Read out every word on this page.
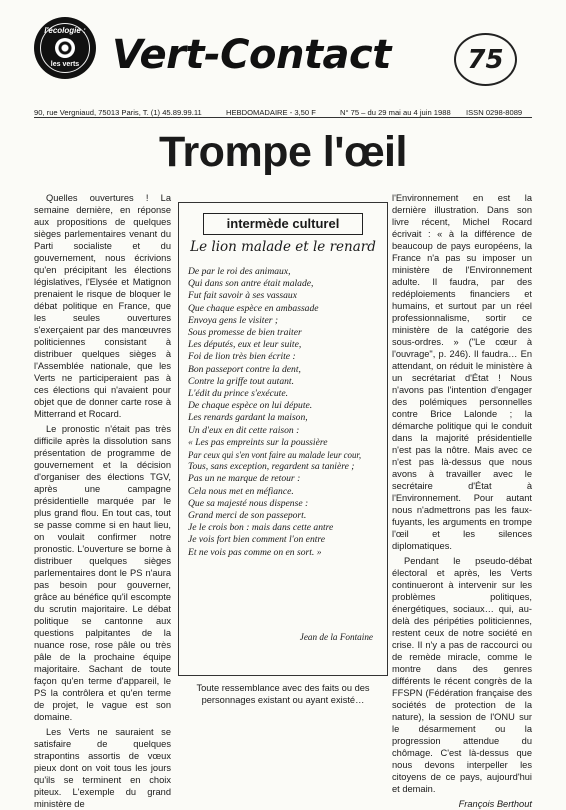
l'écologie :
les verts Vert-Contact	75
90, rue Vergniaud, 75013 Paris, T. (1) 45.89.99.11	HEBDOMADAIRE - 3,50 F	N° 75 – du 29 mai au 4 juin 1988 ISSN 0298-8089
Trompe l'œil

Quelles ouvertures ! La semaine dernière, en réponse aux propositions de quelques sièges parlementaires venant du Parti socialiste et du gouvernement, nous écrivions qu'en précipitant les élections législatives, l'Elysée et Matignon prenaient le risque de bloquer le débat politique en France, que les seules ouvertures s'exerçaient par des manœuvres politiciennes consistant à distribuer quelques sièges à l'Assemblée nationale, que les Verts ne participeraient pas à ces élections qui n'avaient pour objet que de donner carte rose à Mitterrand et Rocard.

Le pronostic n'était pas très difficile après la dissolution sans présentation de programme de gouvernement et la décision d'organiser des élections TGV, après une campagne présidentielle marquée par le plus grand flou. En tout cas, tout se passe comme si en haut lieu, on voulait confirmer notre pronostic. L'ouverture se borne à distribuer quelques sièges parlementaires dont le PS n'aura pas besoin pour gouverner, grâce au bénéfice qu'il escompte du scrutin majoritaire. Le débat politique se cantonne aux questions palpitantes de la nuance rose, rose pâle ou très pâle de la prochaine équipe majoritaire. Sachant de toute façon qu'en terme d'appareil, le PS la contrôlera et qu'en terme de projet, le vague est son domaine.

Les Verts ne sauraient se satisfaire de quelques strapontins assortis de vœux pieux dont on voit tous les jours qu'ils se terminent en choix piteux. L'exemple du grand ministère de

l'Environnement en est la dernière illustration. Dans son livre récent, Michel Rocard écrivait : « à la différence de beaucoup de pays européens, la France n'a pas su imposer un ministère de l'Environnement adulte. Il faudra, par des redéploiements financiers et humains, et surtout par un réel professionnalisme, sortir ce ministère de la catégorie des sous-ordres. » ("Le cœur à l'ouvrage", p. 246). Il faudra… En attendant, on réduit le ministère à un secrétariat d'État ! Nous n'avons pas l'intention d'engager des polémiques personnelles contre Brice Lalonde ; la démarche politique qui le conduit dans la majorité présidentielle n'est pas la nôtre. Mais avec ce n'est pas là-dessus que nous avons à travailler avec le secrétaire d'État à l'Environnement. Pour autant nous n'admettrons pas les faux-fuyants, les arguments en trompe l'œil et les silences diplomatiques.

Pendant le pseudo-débat électoral et après, les Verts continueront à intervenir sur les problèmes politiques, énergétiques, sociaux… qui, au-delà des péripéties politiciennes, restent ceux de notre société en crise. Il n'y a pas de raccourci ou de remède miracle, comme le montre dans des genres différents le récent congrès de la FFSPN (Fédération française des sociétés de protection de la nature), la session de l'ONU sur le désarmement ou la progression attendue du chômage. C'est là-dessus que nous devons interpeller les citoyens de ce pays, aujourd'hui et demain.

François Berthout

intermède culturel
Le lion malade et le renard
De par le roi des animaux,
Qui dans son antre était malade,
Fut fait savoir à ses vassaux
Que chaque espèce en ambassade
Envoya gens le visiter ;
Sous promesse de bien traiter
Les députés, eux et leur suite,
Foi de lion très bien écrite :
Bon passeport contre la dent,
Contre la griffe tout autant.
L'édit du prince s'exécute.
De chaque espèce on lui députe.
Les renards gardant la maison,
Un d'eux en dit cette raison :
« Les pas empreints sur la poussière
Par ceux qui s'en vont faire au malade leur cour,
Tous, sans exception, regardent sa tanière ;
Pas un ne marque de retour :
Cela nous met en méfiance.
Que sa majesté nous dispense :
Grand merci de son passeport.
Je le crois bon : mais dans cette antre
Je vois fort bien comment l'on entre
Et ne vois pas comme on en sort. »
Jean de la Fontaine
Toute ressemblance avec des faits ou des personnages existant ou ayant existé…
